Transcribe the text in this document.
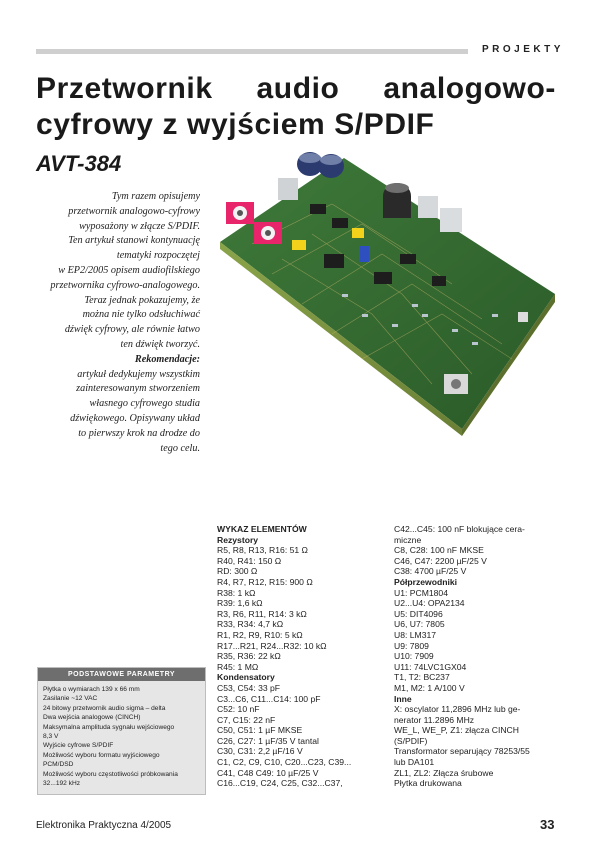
PROJEKTY
Przetwornik audio analogowo-
cyfrowy z wyjściem S/PDIF
AVT-384

Tym razem opisujemy
przetwornik analogowo-cyfrowy
wyposażony w złącze S/PDIF.
Ten artykuł stanowi kontynuację
tematyki rozpoczętej
w EP2/2005 opisem audiofilskiego
przetwornika cyfrowo-analogowego.
Teraz jednak pokazujemy, że
można nie tylko odsłuchiwać
dźwięk cyfrowy, ale równie łatwo
ten dźwięk tworzyć.

Rekomendacje:
artykuł dedykujemy wszystkim
zainteresowanym stworzeniem
własnego cyfrowego studia
dźwiękowego. Opisywany układ
to pierwszy krok na drodze do
tego celu.

PODSTAWOWE PARAMETRY
Płytka o wymiarach 139 x 66 mm
Zasilanie ~12 VAC
24 bitowy przetwornik audio sigma – delta
Dwa wejścia analogowe (CINCH)
Maksymalna amplituda sygnału wejściowego
8,3 V
Wyjście cyfrowe S/PDIF
Możliwość wyboru formatu wyjściowego
PCM/DSD
Możliwość wyboru częstotliwości próbkowania
32...192 kHz
WYKAZ ELEMENTÓW
Rezystory
R5, R8, R13, R16: 51 Ω
R40, R41: 150 Ω
RD: 300 Ω
R4, R7, R12, R15: 900 Ω
R38: 1 kΩ
R39: 1,6 kΩ
R3, R6, R11, R14: 3 kΩ
R33, R34: 4,7 kΩ
R1, R2, R9, R10: 5 kΩ
R17...R21, R24...R32: 10 kΩ
R35, R36: 22 kΩ
R45: 1 MΩ
Kondensatory
C53, C54: 33 pF
C3...C6, C11...C14: 100 pF
C52: 10 nF
C7, C15: 22 nF
C50, C51: 1 µF MKSE
C26, C27: 1 µF/35 V tantal
C30, C31: 2,2 µF/16 V
C1, C2, C9, C10, C20...C23, C39...
C41, C48 C49: 10 µF/25 V
C16...C19, C24, C25, C32...C37,
C42...C45: 100 nF blokujące cera-
miczne
C8, C28: 100 nF MKSE
C46, C47: 2200 µF/25 V
C38: 4700 µF/25 V
Półprzewodniki
U1: PCM1804
U2...U4: OPA2134
U5: DIT4096
U6, U7: 7805
U8: LM317
U9: 7809
U10: 7909
U11: 74LVC1GX04
T1, T2: BC237
M1, M2: 1 A/100 V
Inne
X: oscylator 11,2896 MHz lub ge-
nerator 11.2896 MHz
WE_L, WE_P, Z1: złącza CINCH
(S/PDIF)
Transformator separujący 78253/55
lub DA101
ZL1, ZL2: Złącza śrubowe
Płytka drukowana
Elektronika Praktyczna 4/2005	33
